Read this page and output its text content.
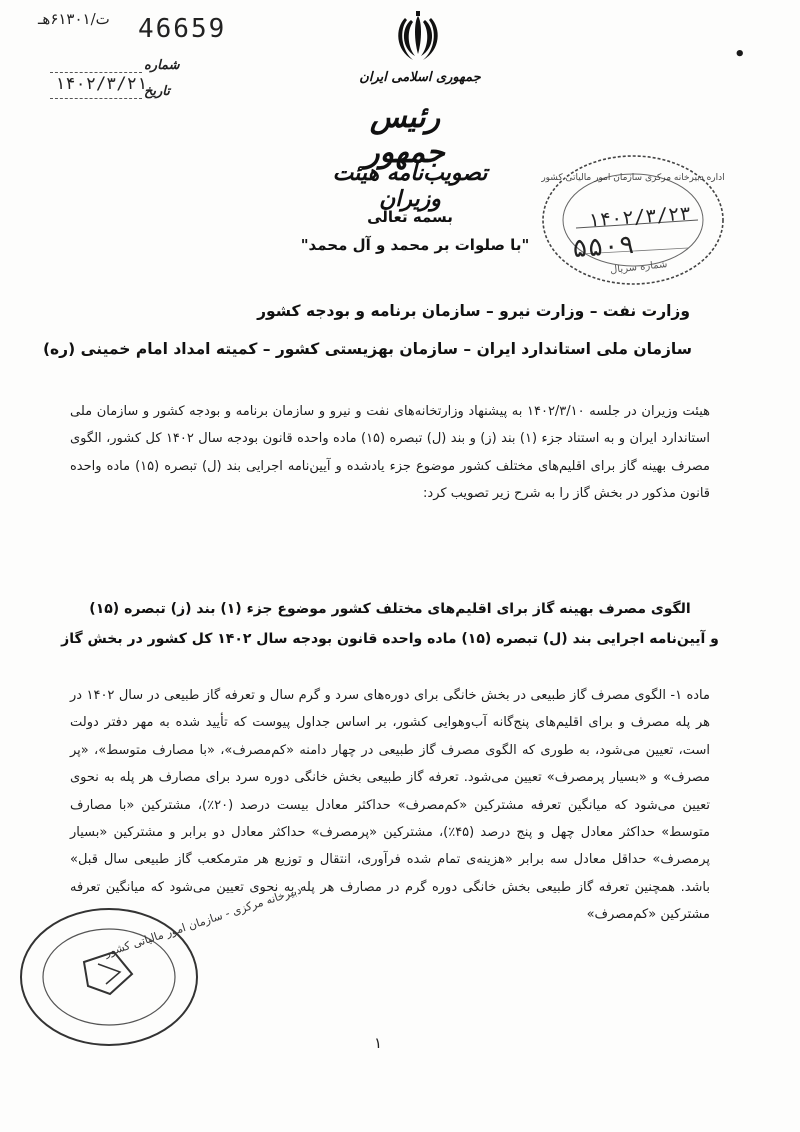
ت/۶۱۳۰۱هـ 46659
شماره
تاریخ
۱۴۰۲/۳/۲۱	جمهوری اسلامی ایران
رئیس جمهور
تصویب‌نامه هیئت وزیران
بسمه تعالی
"با صلوات بر محمد و آل محمد"
•
اداره دبیرخانه مرکزی سازمان امور مالیاتی کشور
۱۴۰۲/۳/۲۳
۵۵۰۹
شماره سریال
وزارت نفت – وزارت نیرو – سازمان برنامه و بودجه کشور
سازمان ملی استاندارد ایران – سازمان بهزیستی کشور – کمیته امداد امام خمینی (ره)
هیئت وزیران در جلسه ۱۴۰۲/۳/۱۰ به پیشنهاد وزارتخانه‌های نفت و نیرو و سازمان برنامه و بودجه کشور و سازمان ملی استاندارد ایران و به استناد جزء (۱) بند (ز) و بند (ل) تبصره (۱۵) ماده واحده قانون بودجه سال ۱۴۰۲ کل کشور، الگوی مصرف بهینه گاز برای اقلیم‌های مختلف کشور موضوع جزء یادشده و آیین‌نامه اجرایی بند (ل) تبصره (۱۵) ماده واحده قانون مذکور در بخش گاز را به شرح زیر تصویب کرد:
الگوی مصرف بهینه گاز برای اقلیم‌های مختلف کشور موضوع جزء (۱) بند (ز) تبصره (۱۵)
و آیین‌نامه اجرایی بند (ل) تبصره (۱۵) ماده واحده قانون بودجه سال ۱۴۰۲ کل کشور در بخش گاز
ماده ۱- الگوی مصرف گاز طبیعی در بخش خانگی برای دوره‌های سرد و گرم سال و تعرفه گاز طبیعی در سال ۱۴۰۲ در هر پله مصرف و برای اقلیم‌های پنج‌گانه آب‌وهوایی کشور، بر اساس جداول پیوست که تأیید شده به مهر دفتر دولت است، تعیین می‌شود، به طوری که الگوی مصرف گاز طبیعی در چهار دامنه «کم‌مصرف»، «با مصارف متوسط»، «پر مصرف» و «بسیار پرمصرف» تعیین می‌شود. تعرفه گاز طبیعی بخش خانگی دوره سرد برای مصارف هر پله به نحوی تعیین می‌شود که میانگین تعرفه مشترکین «کم‌مصرف» حداکثر معادل بیست درصد (۲۰٪)، مشترکین «با مصارف متوسط» حداکثر معادل چهل و پنج درصد (۴۵٪)، مشترکین «پرمصرف» حداکثر معادل دو برابر و مشترکین «بسیار پرمصرف» حداقل معادل سه برابر «هزینه‌ی تمام شده فرآوری، انتقال و توزیع هر مترمکعب گاز طبیعی سال قبل» باشد. همچنین تعرفه گاز طبیعی بخش خانگی دوره گرم در مصارف هر پله به نحوی تعیین می‌شود که میانگین تعرفه مشترکین «کم‌مصرف»
دبیرخانه مرکزی - سازمان امور مالیاتی کشور
۱
